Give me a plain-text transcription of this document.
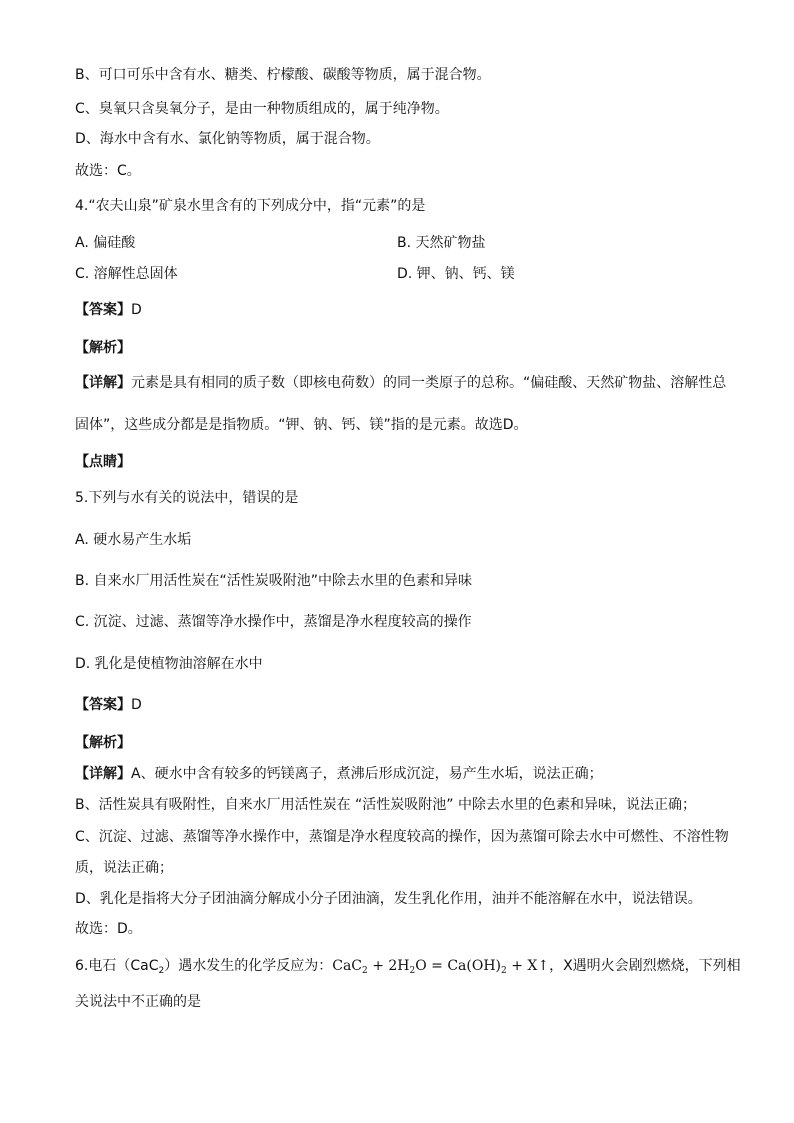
B、可口可乐中含有水、糖类、柠檬酸、碳酸等物质，属于混合物。
C、臭氧只含臭氧分子，是由一种物质组成的，属于纯净物。
D、海水中含有水、氯化钠等物质，属于混合物。
故选：C。
4.“农夫山泉”矿泉水里含有的下列成分中，指“元素”的是
A. 偏硅酸	B. 天然矿物盐
C. 溶解性总固体	D. 钾、钠、钙、镁
【答案】D
【解析】
【详解】元素是具有相同的质子数（即核电荷数）的同一类原子的总称。“偏硅酸、天然矿物盐、溶解性总
固体”，这些成分都是是指物质。“钾、钠、钙、镁”指的是元素。故选D。
【点睛】
5.下列与水有关的说法中，错误的是
A. 硬水易产生水垢
B. 自来水厂用活性炭在“活性炭吸附池”中除去水里的色素和异味
C. 沉淀、过滤、蒸馏等净水操作中，蒸馏是净水程度较高的操作
D. 乳化是使植物油溶解在水中
【答案】D
【解析】
【详解】A、硬水中含有较多的钙镁离子，煮沸后形成沉淀，易产生水垢，说法正确；
B、活性炭具有吸附性，自来水厂用活性炭在 “活性炭吸附池” 中除去水里的色素和异味，说法正确；
C、沉淀、过滤、蒸馏等净水操作中，蒸馏是净水程度较高的操作，因为蒸馏可除去水中可燃性、不溶性物
质，说法正确；
D、乳化是指将大分子团油滴分解成小分子团油滴，发生乳化作用，油并不能溶解在水中，说法错误。
故选：D。
6.电石（CaC$_2$）遇水发生的化学反应为：$CaC_2 + 2H_2O = Ca(OH)_2$ + X↑，X遇明火会剧烈燃烧，下列相
关说法中不正确的是
